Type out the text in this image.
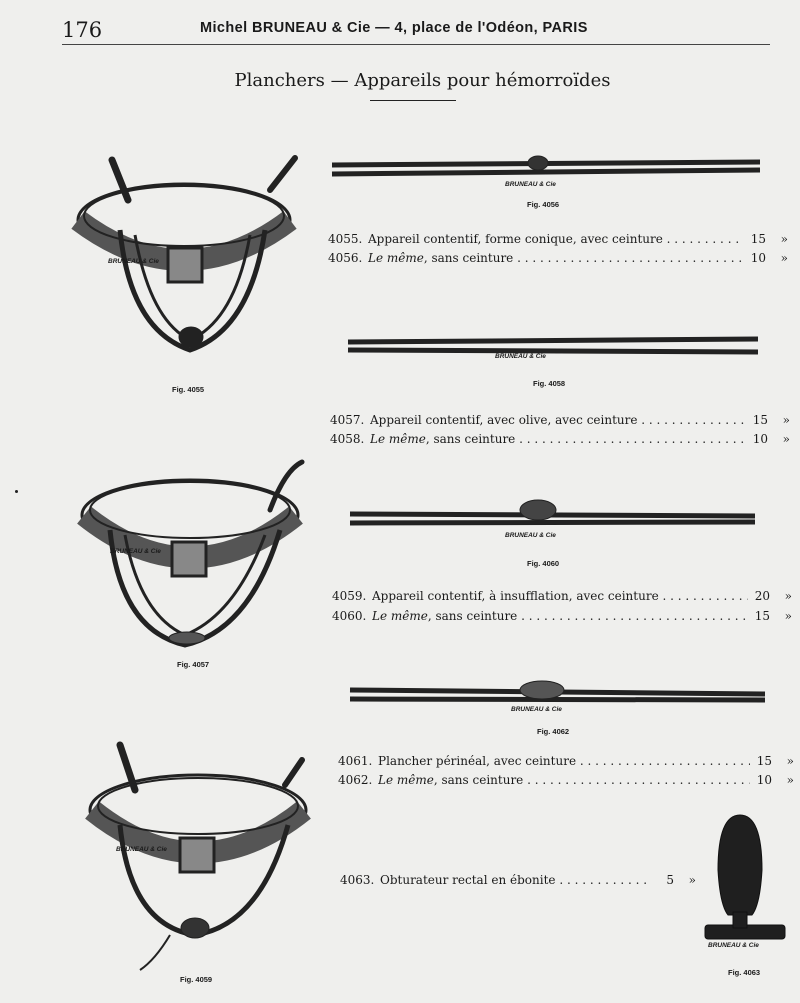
176	Michel BRUNEAU & Cie — 4, place de l'Odéon, PARIS
Planchers — Appareils pour hémorroïdes
BRUNEAU & Cie
BRUNEAU & Cie
BRUNEAU & Cie
BRUNEAU & Cie
BRUNEAU & Cie
BRUNEAU & Cie
BRUNEAU & Cie
BRUNEAU & Cie
Fig. 4056
Fig. 4055
Fig. 4058
Fig. 4060
Fig. 4057
Fig. 4062
Fig. 4059
Fig. 4063
4055. Appareil contentif, forme conique, avec ceinture . . .	15	»
4056. Le même, sans ceinture . . .	10	»
4057. Appareil contentif, avec olive, avec ceinture . . .	15	»
4058. Le même, sans ceinture . . .	10	»
4059. Appareil contentif, à insufflation, avec ceinture . . .	20	»
4060. Le même, sans ceinture . . .	15	»
4061. Plancher périnéal, avec ceinture . . .	15	»
4062. Le même, sans ceinture . . .	10	»
4063. Obturateur rectal en ébonite . . .	5	»
